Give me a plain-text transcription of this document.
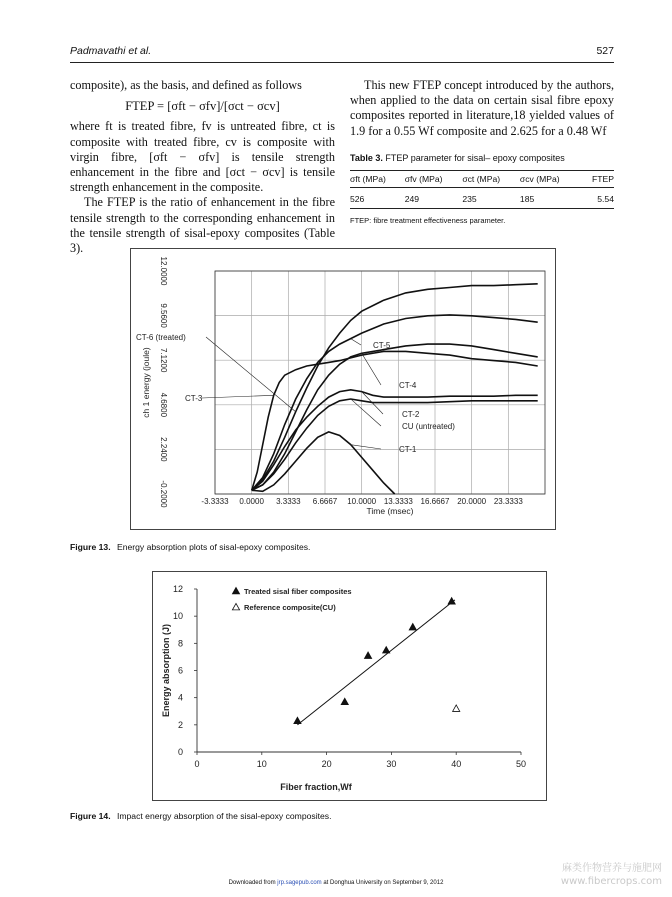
Padmavathi et al.	527

composite), as the basis, and defined as follows

FTEP = [σft − σfv]/[σct − σcv]

where ft is treated fibre, fv is untreated fibre, ct is composite with treated fibre, cv is composite with virgin fibre, [σft − σfv] is tensile strength enhancement in the fibre and [σct − σcv] is tensile strength enhancement in the composite.

The FTEP is the ratio of enhancement in the fibre tensile strength to the corresponding enhancement in the tensile strength of sisal-epoxy composites (Table 3).

This new FTEP concept introduced by the authors, when applied to the data on certain sisal fibre epoxy composites reported in literature,18 yielded values of 1.9 for a 0.55 Wf composite and 2.625 for a 0.48 Wf

Table 3. FTEP parameter for sisal– epoxy composites
σft (MPa)	σfv (MPa)	σct (MPa)	σcv (MPa)	FTEP
526	249	235	185	5.54
FTEP: fibre treatment effectiveness parameter.
-3.3333 0.0000 3.3333 6.6667 10.0000 13.3333 16.6667 20.0000 23.3333
-0.2000
2.2400
4.6800
7.1200
9.5600
12.0000
Time (msec)
ch 1 energy (joule)
CT-6 (treated)
CT-5
CT-4
CT-3
CT-2
CU (untreated)
CT-1
Figure 13. Energy absorption plots of sisal-epoxy composites.
0	10	20	30	40	50
0
2
4
6
8
10
12
Fiber fraction,Wf
Energy absorption (J)
Treated sisal fiber composites
Reference composite(CU)
Figure 14. Impact energy absorption of the sisal-epoxy composites.
Downloaded from jrp.sagepub.com at Donghua University on September 9, 2012
麻类作物营养与施肥网
www.fibercrops.com
